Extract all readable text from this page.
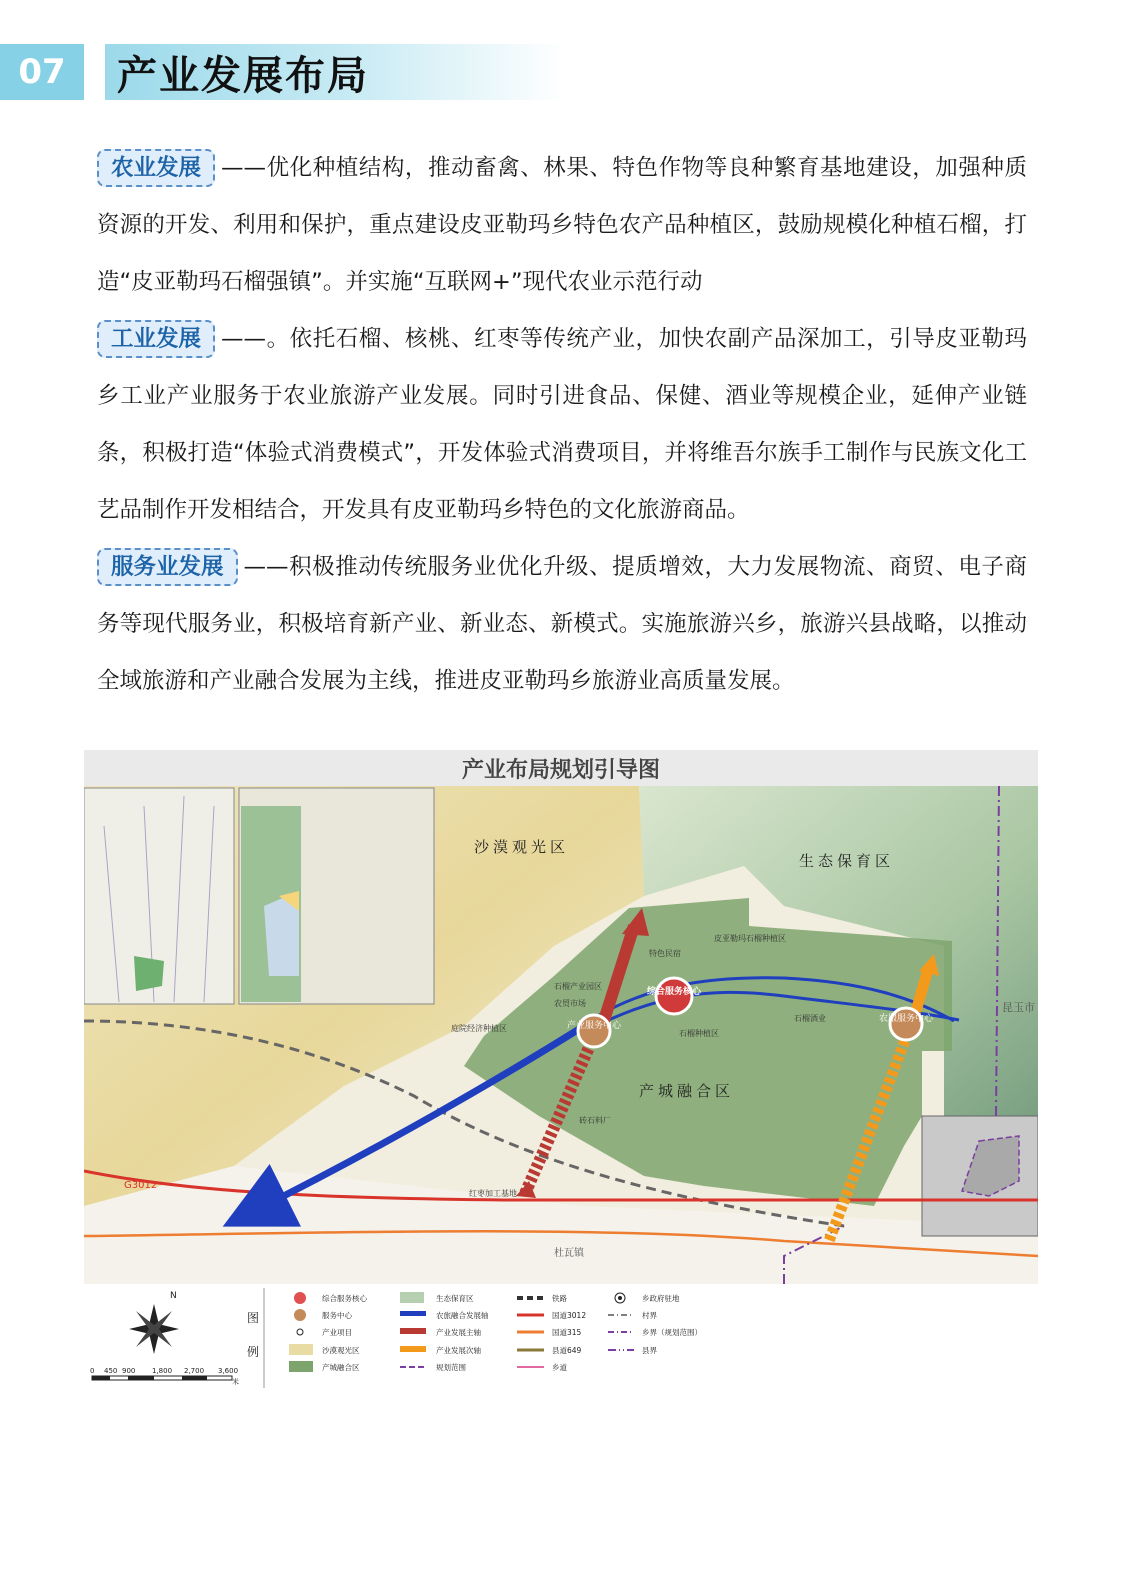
07	产业发展布局

农业发展 ——优化种植结构，推动畜禽、林果、特色作物等良种繁育基地建设，加强种质资源的开发、利用和保护，重点建设皮亚勒玛乡特色农产品种植区，鼓励规模化种植石榴，打造“皮亚勒玛石榴强镇”。并实施“互联网+”现代农业示范行动

工业发展 ——。依托石榴、核桃、红枣等传统产业，加快农副产品深加工，引导皮亚勒玛乡工业产业服务于农业旅游产业发展。同时引进食品、保健、酒业等规模企业，延伸产业链条，积极打造“体验式消费模式”，开发体验式消费项目，并将维吾尔族手工制作与民族文化工艺品制作开发相结合，开发具有皮亚勒玛乡特色的文化旅游商品。

服务业发展 ——积极推动传统服务业优化升级、提质增效，大力发展物流、商贸、电子商务等现代服务业，积极培育新产业、新业态、新模式。实施旅游兴乡，旅游兴县战略，以推动全域旅游和产业融合发展为主线，推进皮亚勒玛乡旅游业高质量发展。

产业布局规划引导图
G3012
产业服务中心
综合服务核心
农服服务中心
特色民宿
石榴产业园区
农贸市场
皮亚勒玛石榴种植区
庭院经济种植区
石榴种植区
石榴酒业
砖石料厂
红枣加工基地
沙漠观光区
生态保育区
产城融合区
昆玉市
杜瓦镇
N
0 450 900 1,800 2,700 3,600
米
图
例
综合服务核心
服务中心
产业项目
沙漠观光区
产城融合区
生态保育区
农旅融合发展轴
产业发展主轴
产业发展次轴
规划范围
铁路
国道3012
国道315
县道649
乡道
乡政府驻地
村界
乡界（规划范围）
县界
